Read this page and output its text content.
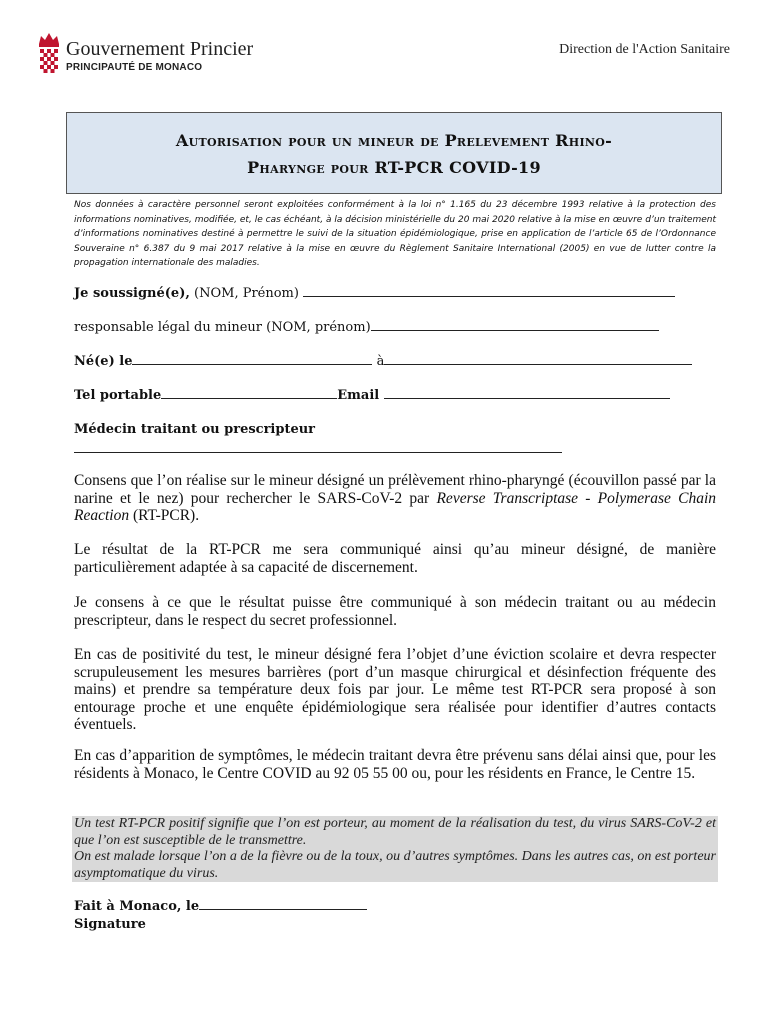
Gouvernement Princier
PRINCIPAUTÉ DE MONACO
Direction de l'Action Sanitaire
Autorisation pour un mineur de Prelevement Rhino-
Pharynge pour RT-PCR COVID-19
Nos données à caractère personnel seront exploitées conformément à la loi n° 1.165 du 23 décembre 1993 relative à la protection des informations nominatives, modifiée, et, le cas échéant, à la décision ministérielle du 20 mai 2020 relative à la mise en œuvre d’un traitement d’informations nominatives destiné à permettre le suivi de la situation épidémiologique, prise en application de l’article 65 de l’Ordonnance Souveraine n° 6.387 du 9 mai 2017 relative à la mise en œuvre du Règlement Sanitaire International (2005) en vue de lutter contre la propagation internationale des maladies.
Je soussigné(e), (NOM, Prénom)
responsable légal du mineur (NOM, prénom)
Né(e) le	à
Tel portable	Email
Médecin traitant ou prescripteur
Consens que l’on réalise sur le mineur désigné un prélèvement rhino-pharyngé (écouvillon passé par la narine et le nez) pour rechercher le SARS-CoV-2 par Reverse Transcriptase - Polymerase Chain Reaction (RT-PCR).
Le résultat de la RT-PCR me sera communiqué ainsi qu’au mineur désigné, de manière particulièrement adaptée à sa capacité de discernement.
Je consens à ce que le résultat puisse être communiqué à son médecin traitant ou au médecin prescripteur, dans le respect du secret professionnel.
En cas de positivité du test, le mineur désigné fera l’objet d’une éviction scolaire et devra respecter scrupuleusement les mesures barrières (port d’un masque chirurgical et désinfection fréquente des mains) et prendre sa température deux fois par jour. Le même test RT-PCR sera proposé à son entourage proche et une enquête épidémiologique sera réalisée pour identifier d’autres contacts éventuels.
En cas d’apparition de symptômes, le médecin traitant devra être prévenu sans délai ainsi que, pour les résidents à Monaco, le Centre COVID au 92 05 55 00 ou, pour les résidents en France, le Centre 15.
Un test RT-PCR positif signifie que l’on est porteur, au moment de la réalisation du test, du virus SARS-CoV-2 et que l’on est susceptible de le transmettre.
On est malade lorsque l’on a de la fièvre ou de la toux, ou d’autres symptômes. Dans les autres cas, on est porteur asymptomatique du virus.
Fait à Monaco, le
Signature
